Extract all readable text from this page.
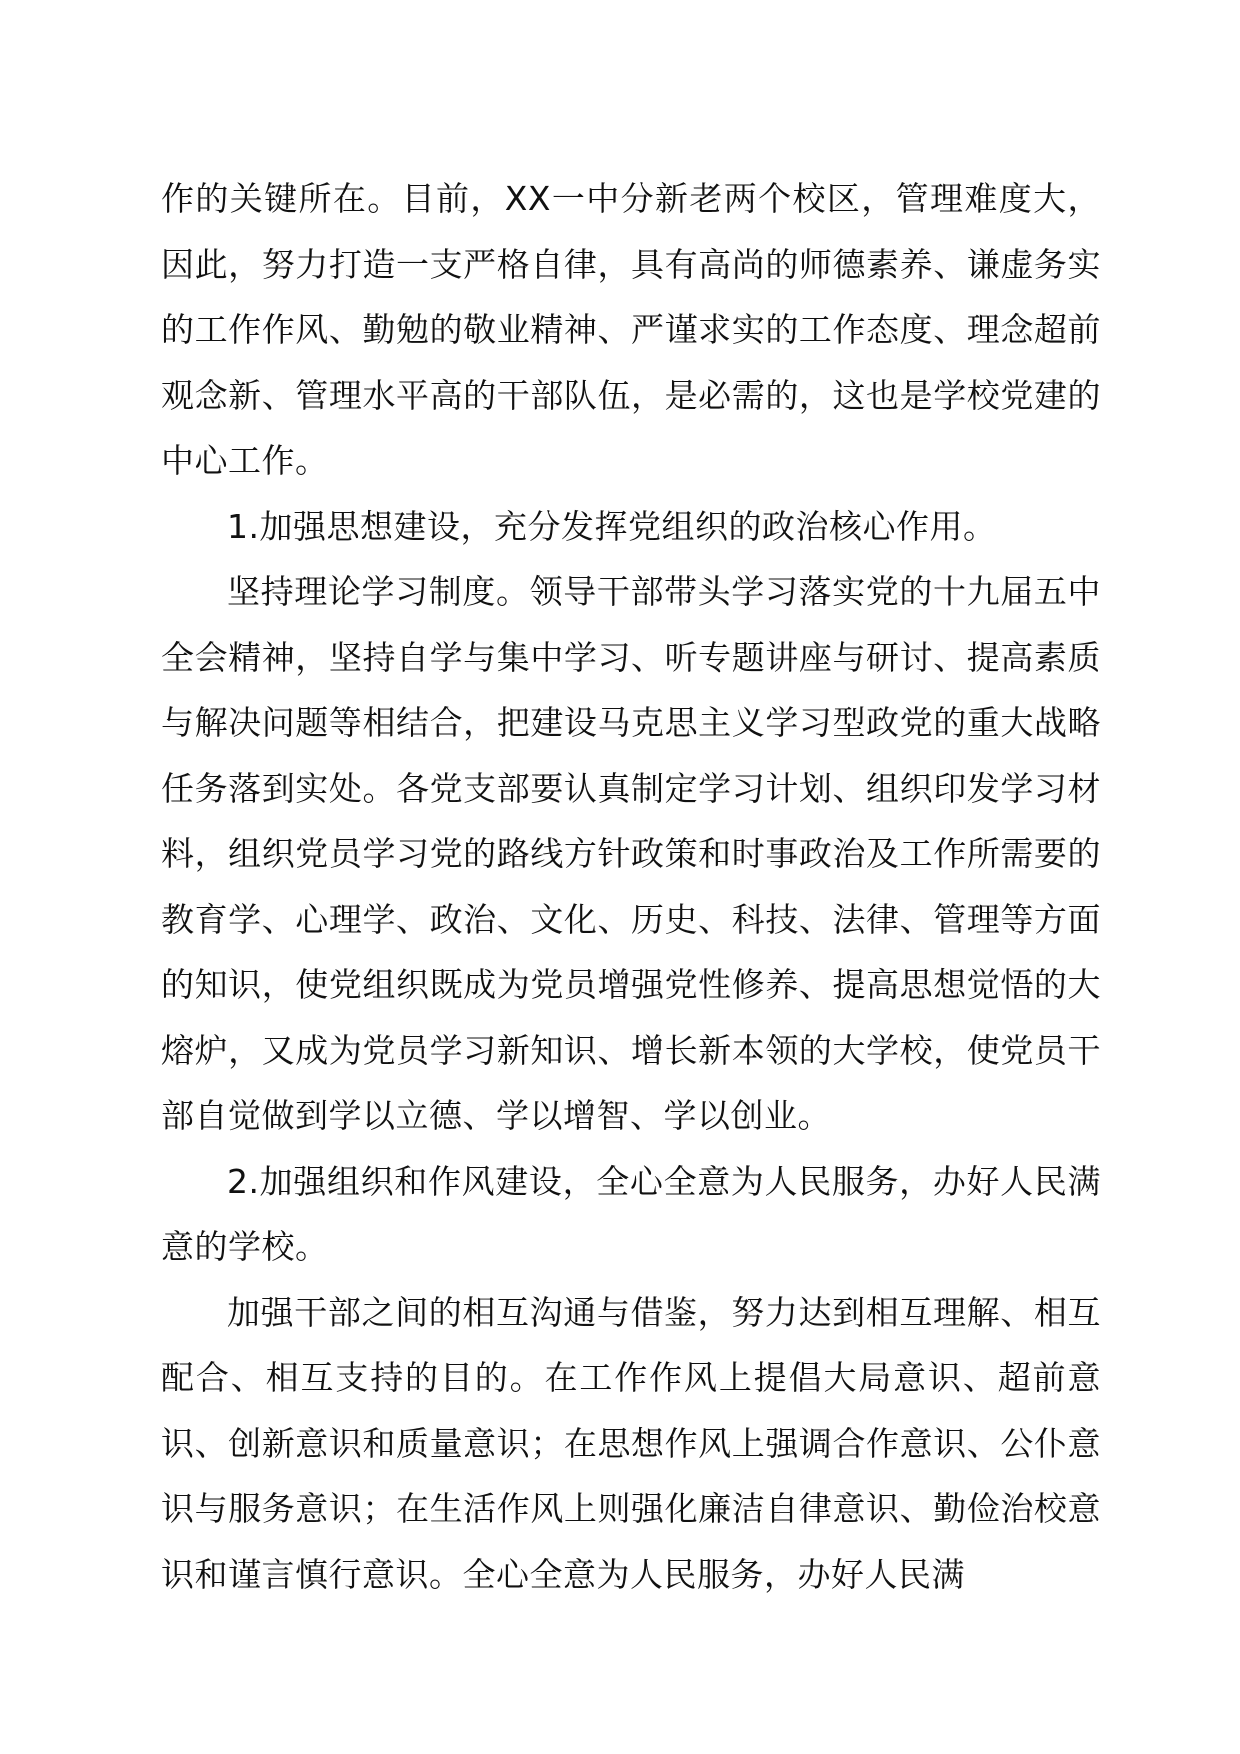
作的关键所在。目前，XX一中分新老两个校区，管理难度大，因此，努力打造一支严格自律，具有高尚的师德素养、谦虚务实的工作作风、勤勉的敬业精神、严谨求实的工作态度、理念超前观念新、管理水平高的干部队伍，是必需的，这也是学校党建的中心工作。

1.加强思想建设，充分发挥党组织的政治核心作用。

坚持理论学习制度。领导干部带头学习落实党的十九届五中全会精神，坚持自学与集中学习、听专题讲座与研讨、提高素质与解决问题等相结合，把建设马克思主义学习型政党的重大战略任务落到实处。各党支部要认真制定学习计划、组织印发学习材料，组织党员学习党的路线方针政策和时事政治及工作所需要的教育学、心理学、政治、文化、历史、科技、法律、管理等方面的知识，使党组织既成为党员增强党性修养、提高思想觉悟的大熔炉，又成为党员学习新知识、增长新本领的大学校，使党员干部自觉做到学以立德、学以增智、学以创业。

2.加强组织和作风建设，全心全意为人民服务，办好人民满意的学校。

加强干部之间的相互沟通与借鉴，努力达到相互理解、相互配合、相互支持的目的。在工作作风上提倡大局意识、超前意识、创新意识和质量意识；在思想作风上强调合作意识、公仆意识与服务意识；在生活作风上则强化廉洁自律意识、勤俭治校意识和谨言慎行意识。全心全意为人民服务，办好人民满
